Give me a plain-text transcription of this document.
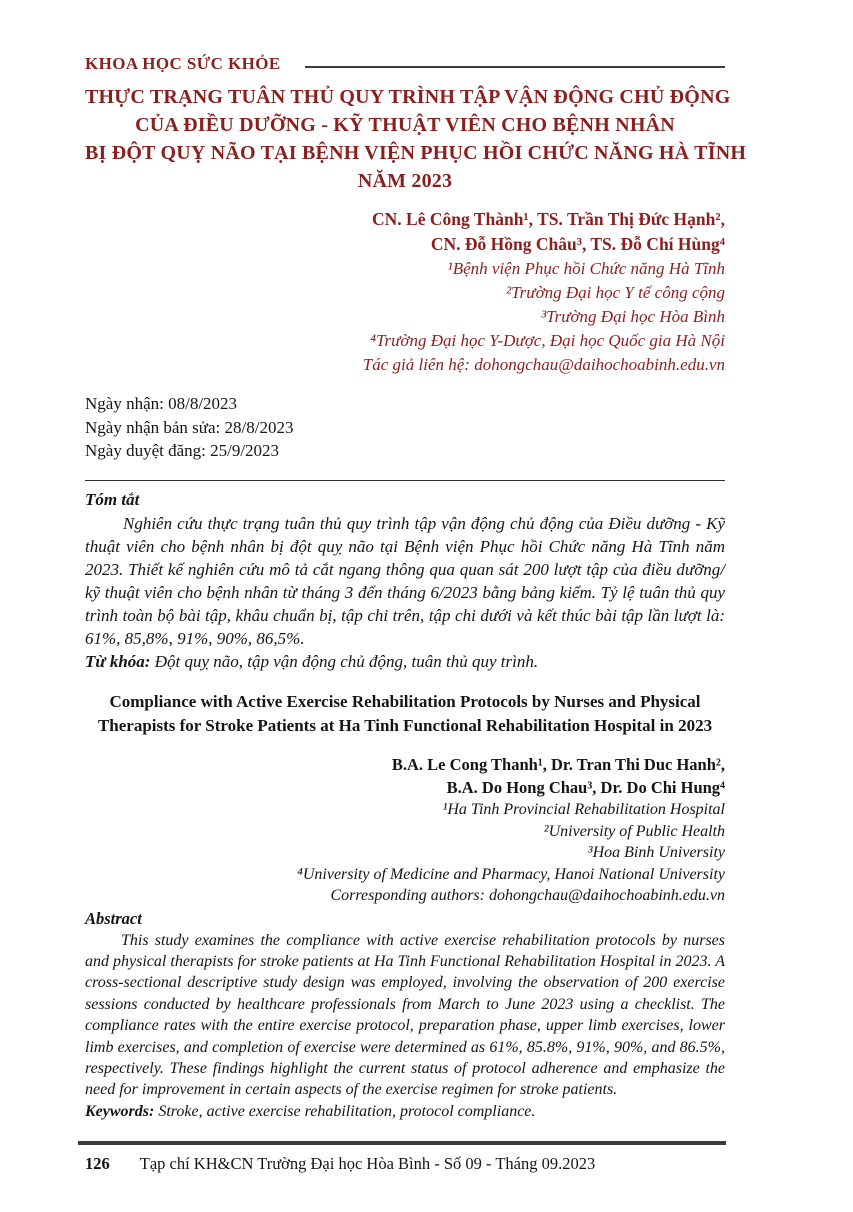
KHOA HỌC SỨC KHỎE
THỰC TRẠNG TUÂN THỦ QUY TRÌNH TẬP VẬN ĐỘNG CHỦ ĐỘNG
CỦA ĐIỀU DƯỠNG - KỸ THUẬT VIÊN CHO BỆNH NHÂN
BỊ ĐỘT QUỴ NÃO TẠI BỆNH VIỆN PHỤC HỒI CHỨC NĂNG HÀ TĨNH
NĂM 2023
CN. Lê Công Thành¹, TS. Trần Thị Đức Hạnh²,
CN. Đỗ Hồng Châu³, TS. Đỗ Chí Hùng⁴
¹Bệnh viện Phục hồi Chức năng Hà Tĩnh
²Trường Đại học Y tế công cộng
³Trường Đại học Hòa Bình
⁴Trường Đại học Y-Dược, Đại học Quốc gia Hà Nội
Tác giả liên hệ: dohongchau@daihochoabinh.edu.vn
Ngày nhận: 08/8/2023
Ngày nhận bản sửa: 28/8/2023
Ngày duyệt đăng: 25/9/2023
Tóm tắt
Nghiên cứu thực trạng tuân thủ quy trình tập vận động chủ động của Điều dưỡng - Kỹ thuật viên cho bệnh nhân bị đột quỵ não tại Bệnh viện Phục hồi Chức năng Hà Tĩnh năm 2023. Thiết kế nghiên cứu mô tả cắt ngang thông qua quan sát 200 lượt tập của điều dưỡng/ kỹ thuật viên cho bệnh nhân từ tháng 3 đến tháng 6/2023 bằng bảng kiểm. Tỷ lệ tuân thủ quy trình toàn bộ bài tập, khâu chuẩn bị, tập chi trên, tập chi dưới và kết thúc bài tập lần lượt là: 61%, 85,8%, 91%, 90%, 86,5%.
Từ khóa: Đột quỵ não, tập vận động chủ động, tuân thủ quy trình.
Compliance with Active Exercise Rehabilitation Protocols by Nurses and Physical
Therapists for Stroke Patients at Ha Tinh Functional Rehabilitation Hospital in 2023
B.A. Le Cong Thanh¹, Dr. Tran Thi Duc Hanh²,
B.A. Do Hong Chau³, Dr. Do Chi Hung⁴
¹Ha Tinh Provincial Rehabilitation Hospital
²University of Public Health
³Hoa Binh University
⁴University of Medicine and Pharmacy, Hanoi National University
Corresponding authors: dohongchau@daihochoabinh.edu.vn
Abstract
This study examines the compliance with active exercise rehabilitation protocols by nurses and physical therapists for stroke patients at Ha Tinh Functional Rehabilitation Hospital in 2023. A cross-sectional descriptive study design was employed, involving the observation of 200 exercise sessions conducted by healthcare professionals from March to June 2023 using a checklist. The compliance rates with the entire exercise protocol, preparation phase, upper limb exercises, lower limb exercises, and completion of exercise were determined as 61%, 85.8%, 91%, 90%, and 86.5%, respectively. These findings highlight the current status of protocol adherence and emphasize the need for improvement in certain aspects of the exercise regimen for stroke patients.
Keywords: Stroke, active exercise rehabilitation, protocol compliance.
126 Tạp chí KH&CN Trường Đại học Hòa Bình - Số 09 - Tháng 09.2023
